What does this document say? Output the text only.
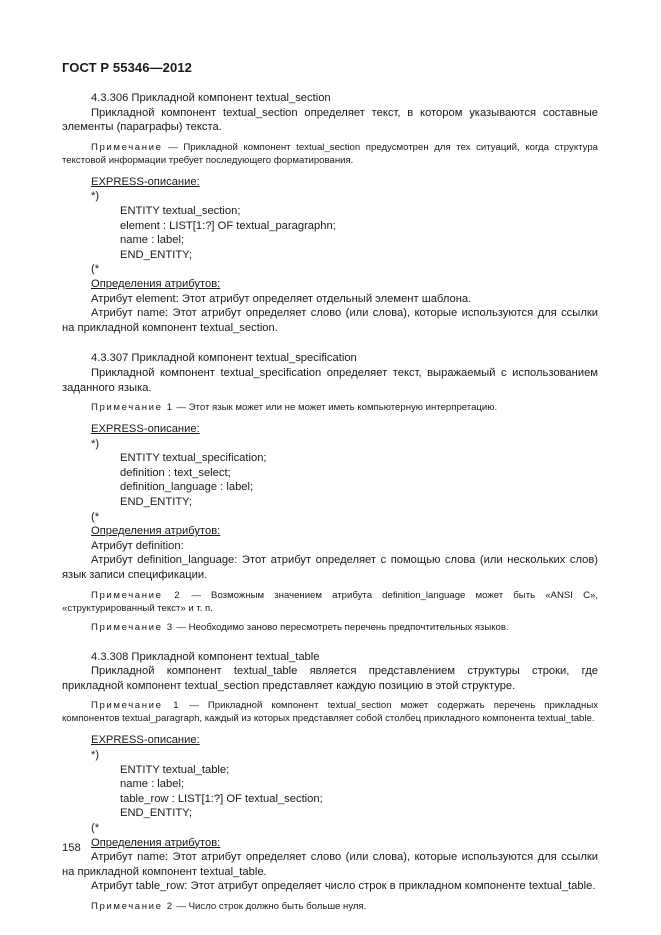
ГОСТ Р 55346—2012

4.3.306 Прикладной компонент textual_section

Прикладной компонент textual_section определяет текст, в котором указываются составные элементы (параграфы) текста.

Примечание — Прикладной компонент textual_section предусмотрен для тех ситуаций, когда структура текстовой информации требует последующего форматирования.

EXPRESS-описание:

*)

ENTITY textual_section;

element : LIST[1:?] OF textual_paragraphn;

name : label;

END_ENTITY;

(*

Определения атрибутов:

Атрибут element: Этот атрибут определяет отдельный элемент шаблона.

Атрибут name: Этот атрибут определяет слово (или слова), которые используются для ссылки на прикладной компонент textual_section.

4.3.307 Прикладной компонент textual_specification

Прикладной компонент textual_specification определяет текст, выражаемый с использованием заданного языка.

Примечание 1 — Этот язык может или не может иметь компьютерную интерпретацию.

EXPRESS-описание:

*)

ENTITY textual_specification;

definition : text_select;

definition_language : label;

END_ENTITY;

(*

Определения атрибутов:

Атрибут definition:

Атрибут definition_language: Этот атрибут определяет с помощью слова (или нескольких слов) язык записи спецификации.

Примечание 2 — Возможным значением атрибута definition_language может быть «ANSI C», «структурированный текст» и т. п.

Примечание 3 — Необходимо заново пересмотреть перечень предпочтительных языков.

4.3.308 Прикладной компонент textual_table

Прикладной компонент textual_table является представлением структуры строки, где прикладной компонент textual_section представляет каждую позицию в этой структуре.

Примечание 1 — Прикладной компонент textual_section может содержать перечень прикладных компонентов textual_paragraph, каждый из которых представляет собой столбец прикладного компонента textual_table.

EXPRESS-описание:

*)

ENTITY textual_table;

name : label;

table_row : LIST[1:?] OF textual_section;

END_ENTITY;

(*

Определения атрибутов:

Атрибут name: Этот атрибут определяет слово (или слова), которые используются для ссылки на прикладной компонент textual_table.

Атрибут table_row: Этот атрибут определяет число строк в прикладном компоненте textual_table.

Примечание 2 — Число строк должно быть больше нуля.

158
